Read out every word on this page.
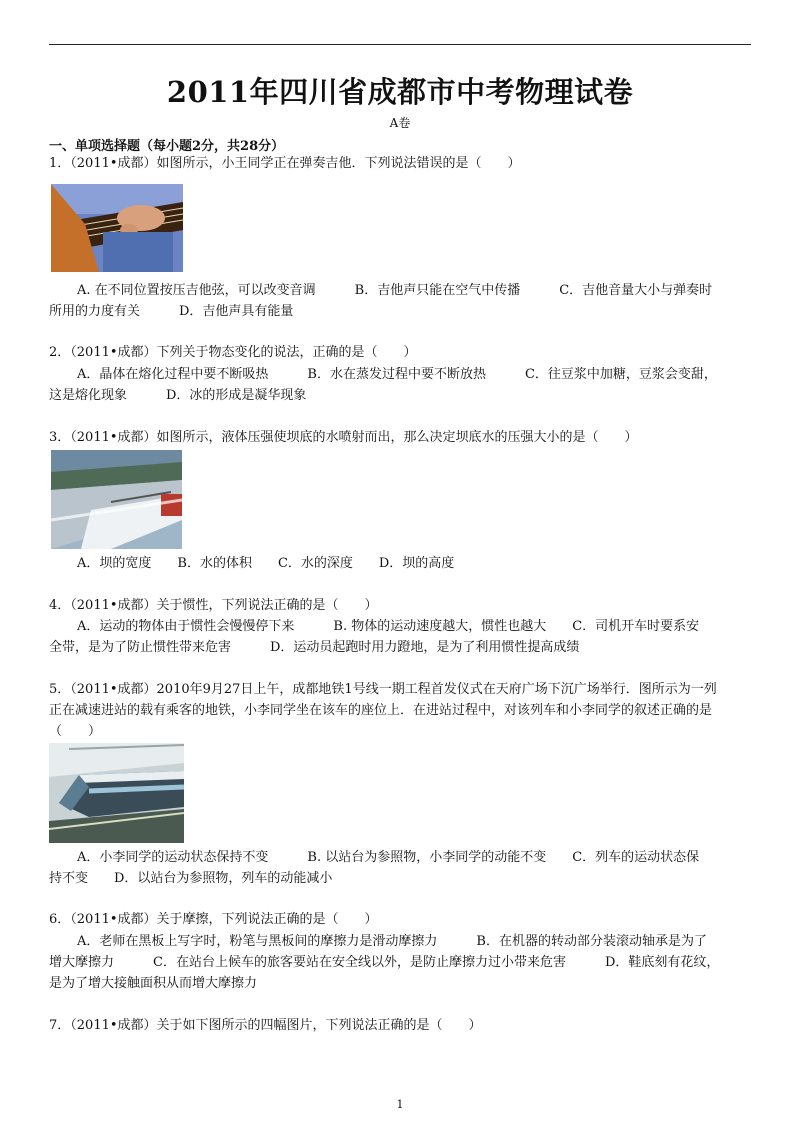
2011年四川省成都市中考物理试卷
A卷
一、单项选择题（每小题2分，共28分）
1．（2011•成都）如图所示，小王同学正在弹奏吉他．下列说法错误的是（　　）
A. 在不同位置按压吉他弦，可以改变音调　　　B．吉他声只能在空气中传播　　　C．吉他音量大小与弹奏时
所用的力度有关　　　D．吉他声具有能量
2．（2011•成都）下列关于物态变化的说法，正确的是（　　）
A．晶体在熔化过程中要不断吸热　　　B．水在蒸发过程中要不断放热　　　C．往豆浆中加糖，豆浆会变甜，
这是熔化现象　　　D．冰的形成是凝华现象
3．（2011•成都）如图所示，液体压强使坝底的水喷射而出，那么决定坝底水的压强大小的是（　　）
A．坝的宽度　　B．水的体积　　C．水的深度　　D．坝的高度
4．（2011•成都）关于惯性，下列说法正确的是（　　）
A．运动的物体由于惯性会慢慢停下来　　　B. 物体的运动速度越大，惯性也越大　　C．司机开车时要系安
全带，是为了防止惯性带来危害　　　D．运动员起跑时用力蹬地，是为了利用惯性提高成绩
5．（2011•成都）2010年9月27日上午，成都地铁1号线一期工程首发仪式在天府广场下沉广场举行．图所示为一列
正在减速进站的载有乘客的地铁，小李同学坐在该车的座位上．在进站过程中，对该列车和小李同学的叙述正确的是
（　　）
A．小李同学的运动状态保持不变　　　B. 以站台为参照物，小李同学的动能不变　　C．列车的运动状态保
持不变　　D．以站台为参照物，列车的动能减小
6．（2011•成都）关于摩擦，下列说法正确的是（　　）
A．老师在黑板上写字时，粉笔与黑板间的摩擦力是滑动摩擦力　　　B．在机器的转动部分装滚动轴承是为了
增大摩擦力　　　C．在站台上候车的旅客要站在安全线以外，是防止摩擦力过小带来危害　　　D．鞋底刻有花纹，
是为了增大接触面积从而增大摩擦力
7．（2011•成都）关于如下图所示的四幅图片，下列说法正确的是（　　）
1
